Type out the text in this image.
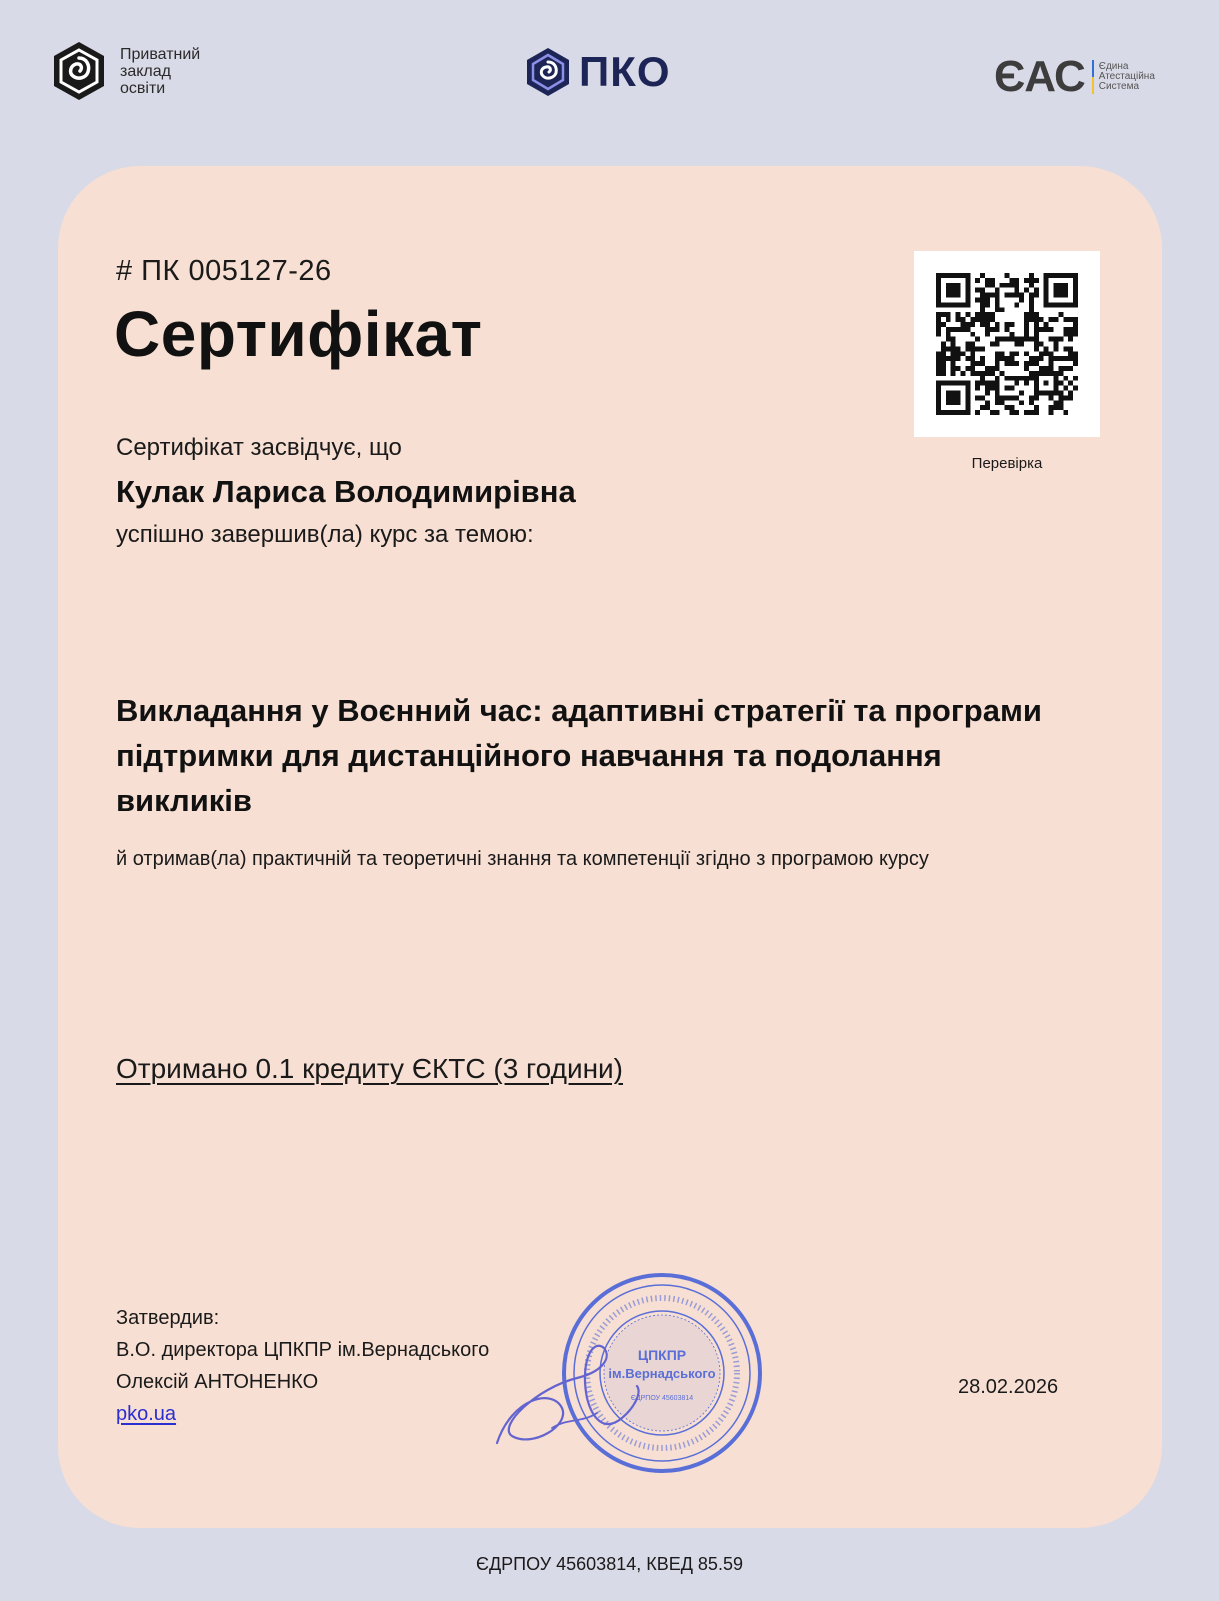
Приватний
заклад
освіти	ПКО	ЄАС Єдина
Атестаційна
Система
# ПК 005127-26
Сертифікат
Перевірка
Сертифікат засвідчує, що
Кулак Лариса Володимирівна
успішно завершив(ла) курс за темою:
Викладання у Воєнний час: адаптивні стратегії та програми підтримки для дистанційного навчання та подолання викликів
й отримав(ла) практичній та теоретичні знання та компетенції згідно з програмою курсу
Отримано 0.1 кредиту ЄКТС (3 години)
Затвердив:
В.О. директора ЦПКПР ім.Вернадського
Олексій АНТОНЕНКО
pko.ua
ЦПКПР
ім.Вернадського
ЄДРПОУ 45603814
28.02.2026
ЄДРПОУ 45603814, КВЕД 85.59
